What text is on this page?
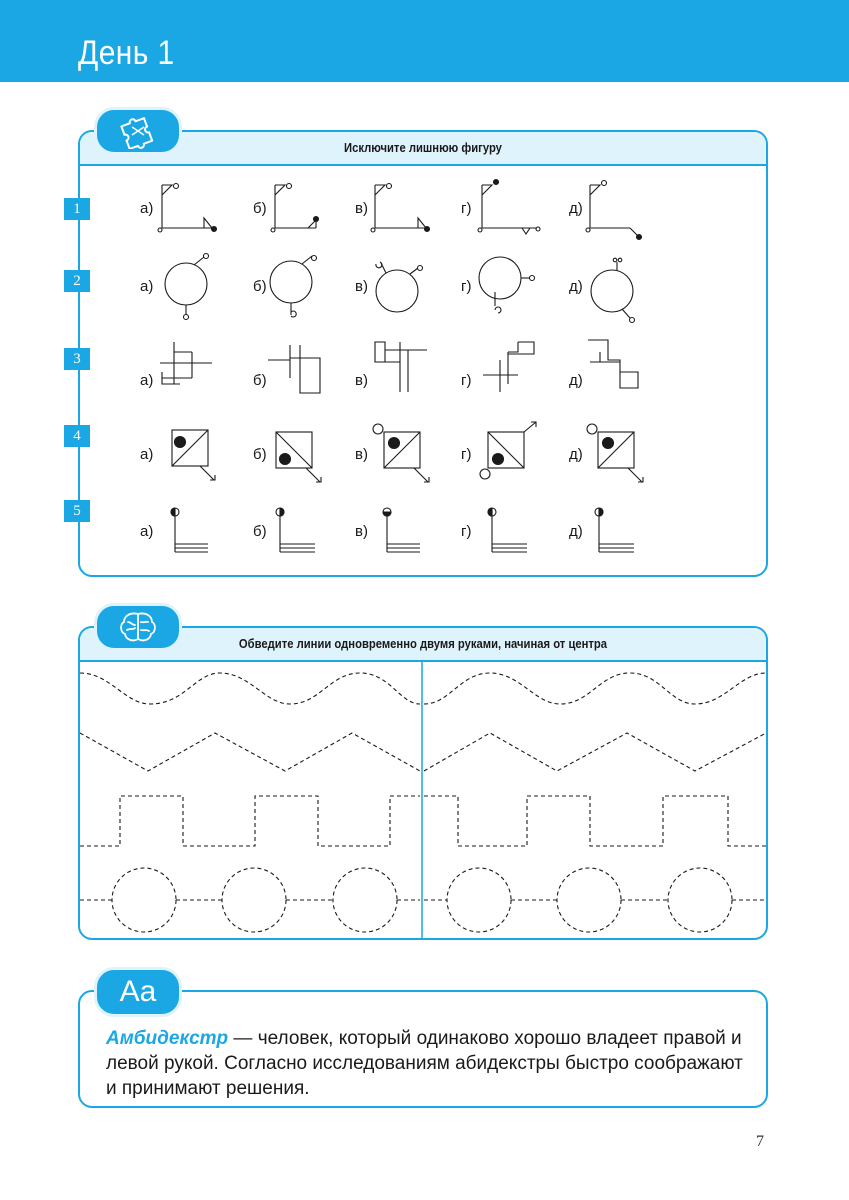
День 1
Исключите лишнюю фигуру
1
2
3
4
5
а)	б)	в)	г)	д)
а)	б)	в)	г)	д)
а)	б)	в)	г)	д)
а)	б)	в)	г)	д)
а)	б)	в)	г)	д)
Обведите линии одновременно двумя руками, начиная от центра
Амбидекстр — человек, который одинаково хорошо владеет правой и левой рукой. Согласно исследованиям абидекстры быстро соображают и принимают решения.
Aa
7
